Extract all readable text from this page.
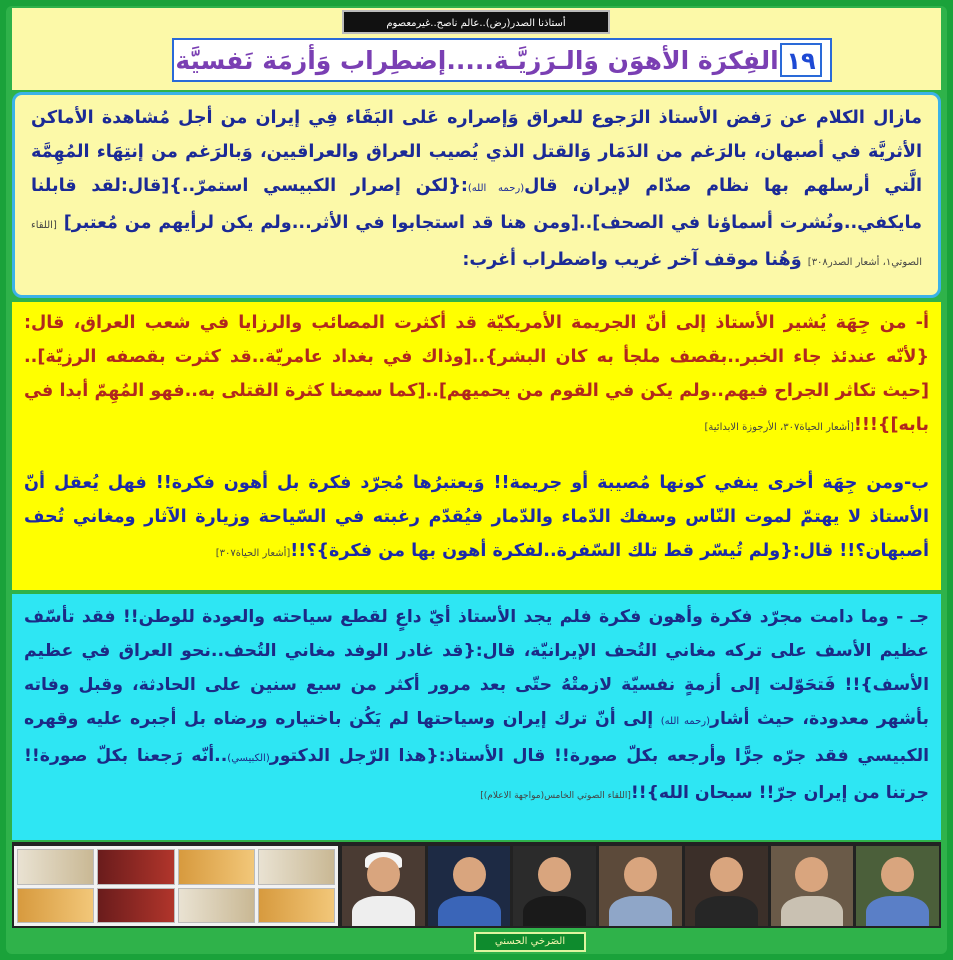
أستاذنا الصدر(رض)..عالم ناصح..غيرمعصوم
١٩
الفِكرَة الأهوَن وَالـرَزيَّـة.....إضطِراب وَأزمَة نَفسيَّة
مازال الكلام عن رَفض الأستاذ الرَجوع للعراق وَإصراره عَلى البَقَاء فِي إيران من أجل مُشاهدة الأماكن الأثريَّة في أصبهان، بالرَغم من الدَمَار وَالقتل الذي يُصيب العراق والعراقيين، وَبالرَغم من إنتِهَاء المُهِمَّة الَّتي أرسلهم بها نظام صدّام لإيران، قال(رحمه الله):{لكن إصرار الكبيسي استمرّ..}[قال:لقد قابلنا مايكفي..ونُشرت أسماؤنا في الصحف]..[ومن هنا قد استجابوا في الأثر...ولم يكن لرأيهم من مُعتبر] [اللقاء الصوتي١، أشعار الصدر٣٠٨] وَهُنا موقف آخر غريب واضطراب أغرب:
أ- من جِهَة يُشير الأستاذ إلى أنّ الجريمة الأمريكيّة قد أكثرت المصائب والرزايا في شعب العراق، قال: {لأنّه عندئذ جاء الخبر..بقصف ملجأ به كان البشر}..[وذاك في بغداد عامريّة..قد كثرت بقصفه الرزيّة]..[حيث تكاثر الجراح فيهم..ولم يكن في القوم من يحميهم]..[كما سمعنا كثرة القتلى به..فهو المُهِمّ أبدا في بابه]}!!![أشعار الحياة٣٠٧، الأرجوزة الابدائية]
ب-ومن جِهَة أخرى ينفي كونها مُصيبة أو جريمة!! وَيعتبرُها مُجرّد فكرة بل أهون فكرة!! فهل يُعقل أنّ الأستاذ لا يهتمّ لموت النّاس وسفك الدّماء والدّمار فيُقدّم رغبته في السّياحة وزيارة الآثار ومغاني تُحف أصبهان؟!! قال:{ولم تُيسّر قط تلك السّفرة..لفكرة أهون بها من فكرة}؟!![أشعار الحياة٣٠٧]
جـ - وما دامت مجرّد فكرة وأهون فكرة فلم يجد الأستاذ أيّ داعٍ لقطع سياحته والعودة للوطن!! فقد تأسّف عظيم الأسف على تركه مغاني التُحف الإيرانيّة، قال:{قد غادر الوفد مغاني التُحف..نحو العراق في عظيم الأسف}!! فَتحَوّلت إلى أزمةٍ نفسيّة لازمتْهُ حتّى بعد مرور أكثر من سبع سنين على الحادثة، وقبل وفاته بأشهر معدودة، حيث أشار(رحمه الله) إلى أنّ ترك إيران وسياحتها لم يَكُن باختياره ورضاه بل أجبره عليه وقهره الكبيسي فقد جرّه جرًّا وأرجعه بكلّ صورة!! قال الأستاذ:{هذا الرّجل الدكتور(الكبيسي)..أنّه رَجعنا بكلّ صورة!! جرتنا من إيران جرّ!! سبحان الله}!![اللقاء الصوتي الخامس(مواجهة الاعلام)]
الصَرخي الحسني
